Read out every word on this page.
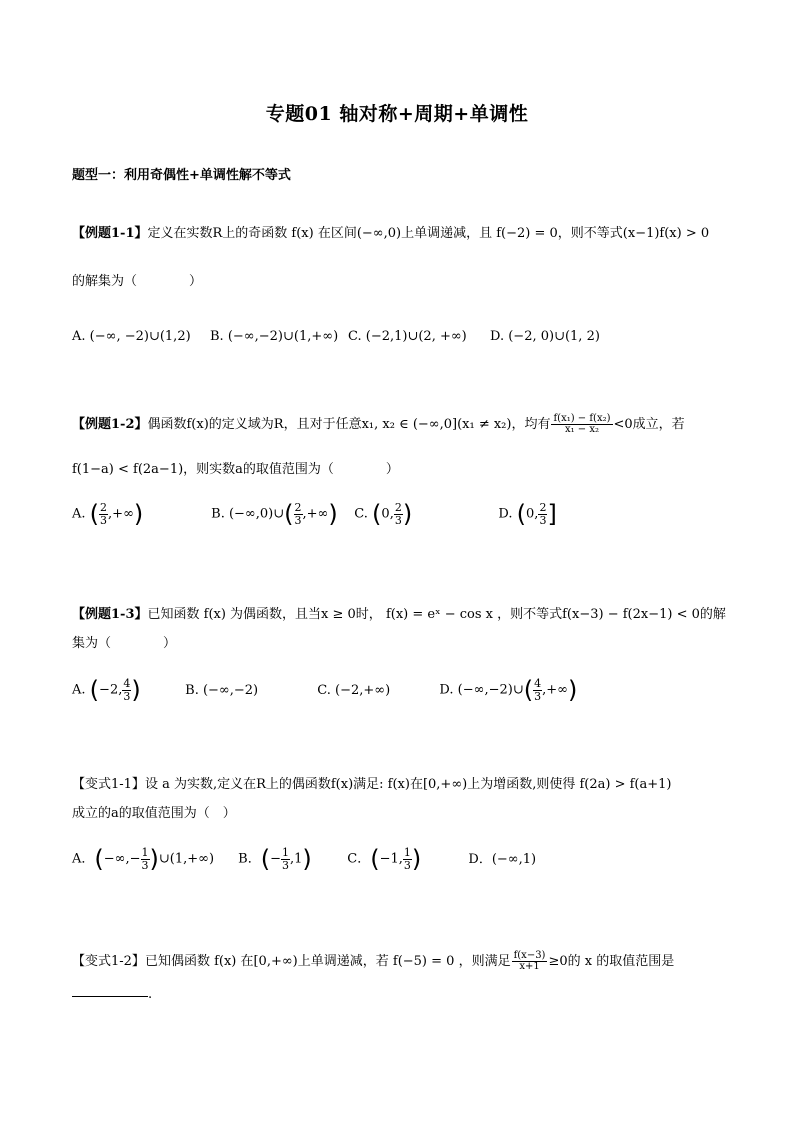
专题01 轴对称+周期+单调性
题型一：利用奇偶性+单调性解不等式
【例题1-1】定义在实数R上的奇函数 f(x) 在区间(−∞,0)上单调递减，且 f(−2) = 0，则不等式(x−1)f(x) > 0
的解集为（　　　　）
A. (−∞, −2)∪(1,2) B. (−∞,−2)∪(1,+∞) C. (−2,1)∪(2, +∞) D. (−2, 0)∪(1, 2)
【例题1-2】偶函数f(x)的定义域为R，且对于任意x₁, x₂ ∈ (−∞,0](x₁ ≠ x₂)，均有 $\frac{\text{f(x₁) − f(x₂)}}{\text{x₁ − x₂}} <0$成立，若
f(1−a) < f(2a−1)，则实数a的取值范围为（　　　　）
A. ( $\frac{2}{3}$ ,+∞)	B. (−∞,0)∪( $\frac{2}{3}$ ,+∞) C. (0, $\frac{2}{3}$ )	D. (0, $\frac{2}{3}$ ]
【例题1-3】已知函数 f(x) 为偶函数，且当x ≥ 0时， f(x) = eˣ − cos x ，则不等式f(x−3) − f(2x−1) < 0的解
集为（　　　　）
A. (−2, $\frac{4}{3}$ )	B. (−∞,−2)	C. (−2,+∞)	D. (−∞,−2)∪( $\frac{4}{3}$ ,+∞)
【变式1-1】设 a 为实数,定义在R上的偶函数f(x)满足: f(x)在[0,+∞)上为增函数,则使得 f(2a) > f(a+1)
成立的a的取值范围为（　）
A．(−∞,− $\frac{1}{3}$ )∪(1,+∞) B．(− $\frac{1}{3} ,1$)	C．(−1, $\frac{1}{3}$ )	D．(−∞,1)
【变式1-2】已知偶函数 f(x) 在[0,+∞)上单调递减，若 f(−5) = 0 ，则满足 $\frac{f(x-3)}{x+1} \ge 0$的 x 的取值范围是
.
